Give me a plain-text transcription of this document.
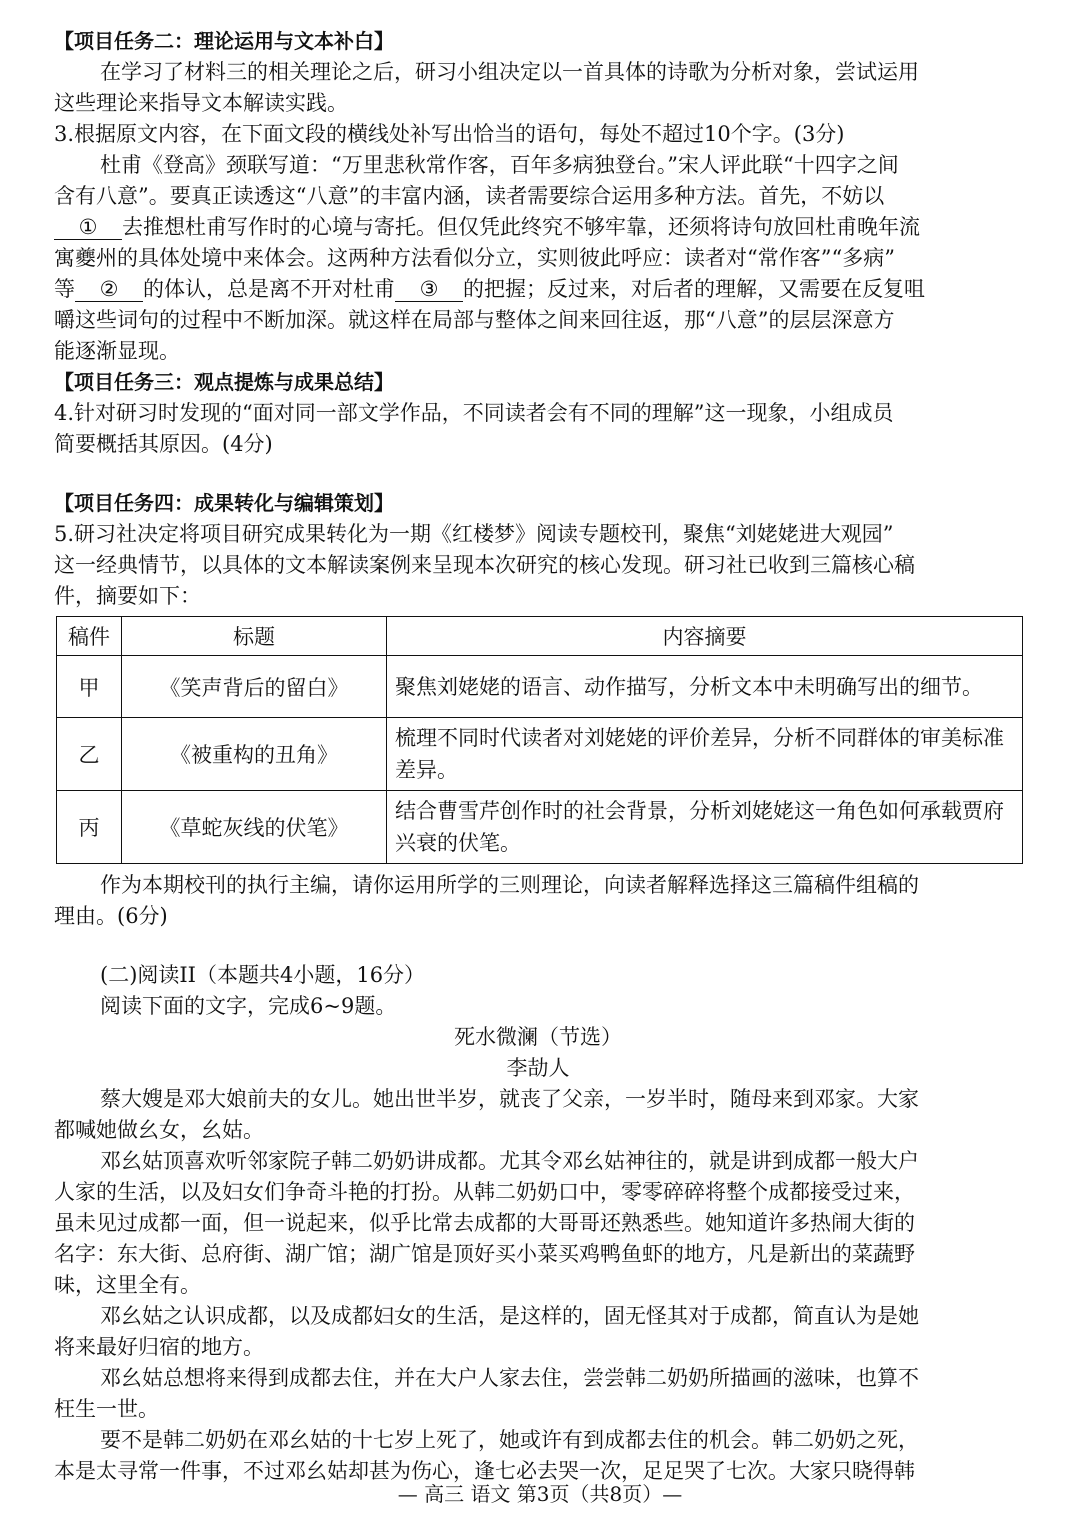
【项目任务二：理论运用与文本补白】
在学习了材料三的相关理论之后，研习小组决定以一首具体的诗歌为分析对象，尝试运用
这些理论来指导文本解读实践。
3.根据原文内容，在下面文段的横线处补写出恰当的语句，每处不超过10个字。(3分)
杜甫《登高》颈联写道：“万里悲秋常作客，百年多病独登台。”宋人评此联“十四字之间
含有八意”。要真正读透这“八意”的丰富内涵，读者需要综合运用多种方法。首先，不妨以
① 去推想杜甫写作时的心境与寄托。但仅凭此终究不够牢靠，还须将诗句放回杜甫晚年流
寓夔州的具体处境中来体会。这两种方法看似分立，实则彼此呼应：读者对“常作客”“多病”
等 ② 的体认，总是离不开对杜甫 ③ 的把握；反过来，对后者的理解，又需要在反复咀
嚼这些词句的过程中不断加深。就这样在局部与整体之间来回往返，那“八意”的层层深意方
能逐渐显现。
【项目任务三：观点提炼与成果总结】
4.针对研习时发现的“面对同一部文学作品，不同读者会有不同的理解”这一现象，小组成员
简要概括其原因。(4分)
【项目任务四：成果转化与编辑策划】
5.研习社决定将项目研究成果转化为一期《红楼梦》阅读专题校刊，聚焦“刘姥姥进大观园”
这一经典情节，以具体的文本解读案例来呈现本次研究的核心发现。研习社已收到三篇核心稿
件，摘要如下：
稿件	标题	内容摘要
甲	《笑声背后的留白》	聚焦刘姥姥的语言、动作描写，分析文本中未明确写出的细节。
乙	《被重构的丑角》	梳理不同时代读者对刘姥姥的评价差异，分析不同群体的审美标准差异。
丙	《草蛇灰线的伏笔》	结合曹雪芹创作时的社会背景，分析刘姥姥这一角色如何承载贾府兴衰的伏笔。
作为本期校刊的执行主编，请你运用所学的三则理论，向读者解释选择这三篇稿件组稿的
理由。(6分)
(二)阅读II（本题共4小题，16分）
阅读下面的文字，完成6~9题。
死水微澜（节选）
李劼人
蔡大嫂是邓大娘前夫的女儿。她出世半岁，就丧了父亲，一岁半时，随母来到邓家。大家
都喊她做幺女，幺姑。
邓幺姑顶喜欢听邻家院子韩二奶奶讲成都。尤其令邓幺姑神往的，就是讲到成都一般大户
人家的生活，以及妇女们争奇斗艳的打扮。从韩二奶奶口中，零零碎碎将整个成都接受过来，
虽未见过成都一面，但一说起来，似乎比常去成都的大哥哥还熟悉些。她知道许多热闹大街的
名字：东大街、总府街、湖广馆；湖广馆是顶好买小菜买鸡鸭鱼虾的地方，凡是新出的菜蔬野
味，这里全有。
邓幺姑之认识成都，以及成都妇女的生活，是这样的，固无怪其对于成都，简直认为是她
将来最好归宿的地方。
邓幺姑总想将来得到成都去住，并在大户人家去住，尝尝韩二奶奶所描画的滋味，也算不
枉生一世。
要不是韩二奶奶在邓幺姑的十七岁上死了，她或许有到成都去住的机会。韩二奶奶之死，
本是太寻常一件事，不过邓幺姑却甚为伤心，逢七必去哭一次，足足哭了七次。大家只晓得韩
— 高三 语文 第3页（共8页）—
